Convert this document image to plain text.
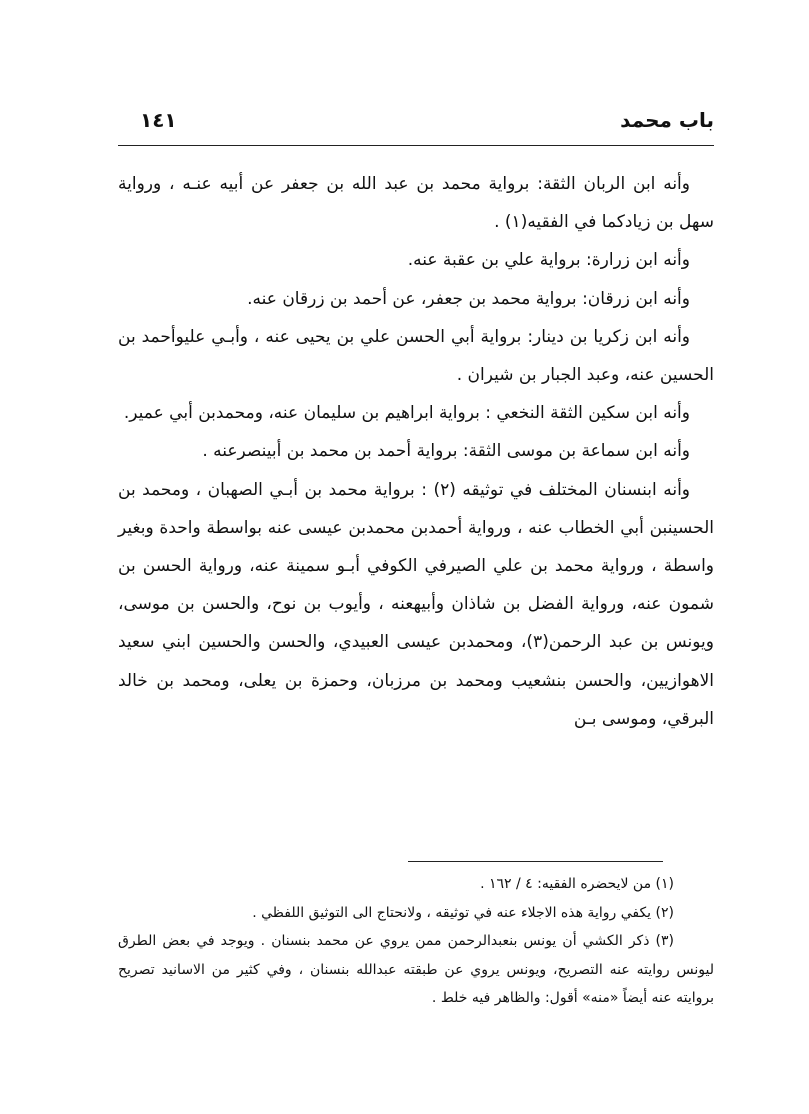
باب محمد
١٤١

وأنه ابن الربان الثقة: برواية محمد بن عبد الله بن جعفر عن أبيه عنـه ، ورواية سهل بن زيادكما في الفقيه(١) .

وأنه ابن زرارة: برواية علي بن عقبة عنه.

وأنه ابن زرقان: برواية محمد بن جعفر، عن أحمد بن زرقان عنه.

وأنه ابن زكريا بن دينار: برواية أبي الحسن علي بن يحيى عنه ، وأبـي عليوأحمد بن الحسين عنه، وعبد الجبار بن شيران .

وأنه ابن سكين الثقة النخعي : برواية ابراهيم بن سليمان عنه، ومحمدبن أبي عمير.

وأنه ابن سماعة بن موسى الثقة: برواية أحمد بن محمد بن أبينصرعنه .

وأنه ابنسنان المختلف في توثيقه (٢) : برواية محمد بن أبـي الصهبان ، ومحمد بن الحسينبن أبي الخطاب عنه ، ورواية أحمدبن محمدبن عيسى عنه بواسطة واحدة وبغير واسطة ، ورواية محمد بن علي الصيرفي الكوفي أبـو سمينة عنه، ورواية الحسن بن شمون عنه، ورواية الفضل بن شاذان وأبيهعنه ، وأيوب بن نوح، والحسن بن موسى، ويونس بن عبد الرحمن(٣)، ومحمدبن عيسى العبيدي، والحسن والحسين ابني سعيد الاهوازيين، والحسن بنشعيب ومحمد بن مرزبان، وحمزة بن يعلى، ومحمد بن خالد البرقي، وموسى بـن

(١) من لايحضره الفقيه: ٤ / ١٦٢ .

(٢) يكفي رواية هذه الاجلاء عنه في توثيقه ، ولانحتاج الى التوثيق اللفظي .

(٣) ذكر الكشي أن يونس بنعبدالرحمن ممن يروي عن محمد بنسنان . ويوجد في بعض الطرق ليونس روايته عنه التصريح، ويونس يروي عن طبقته عبدالله بنسنان ، وفي كثير من الاسانيد تصريح بروايته عنه أيضاً «منه» أقول: والظاهر فيه خلط .
